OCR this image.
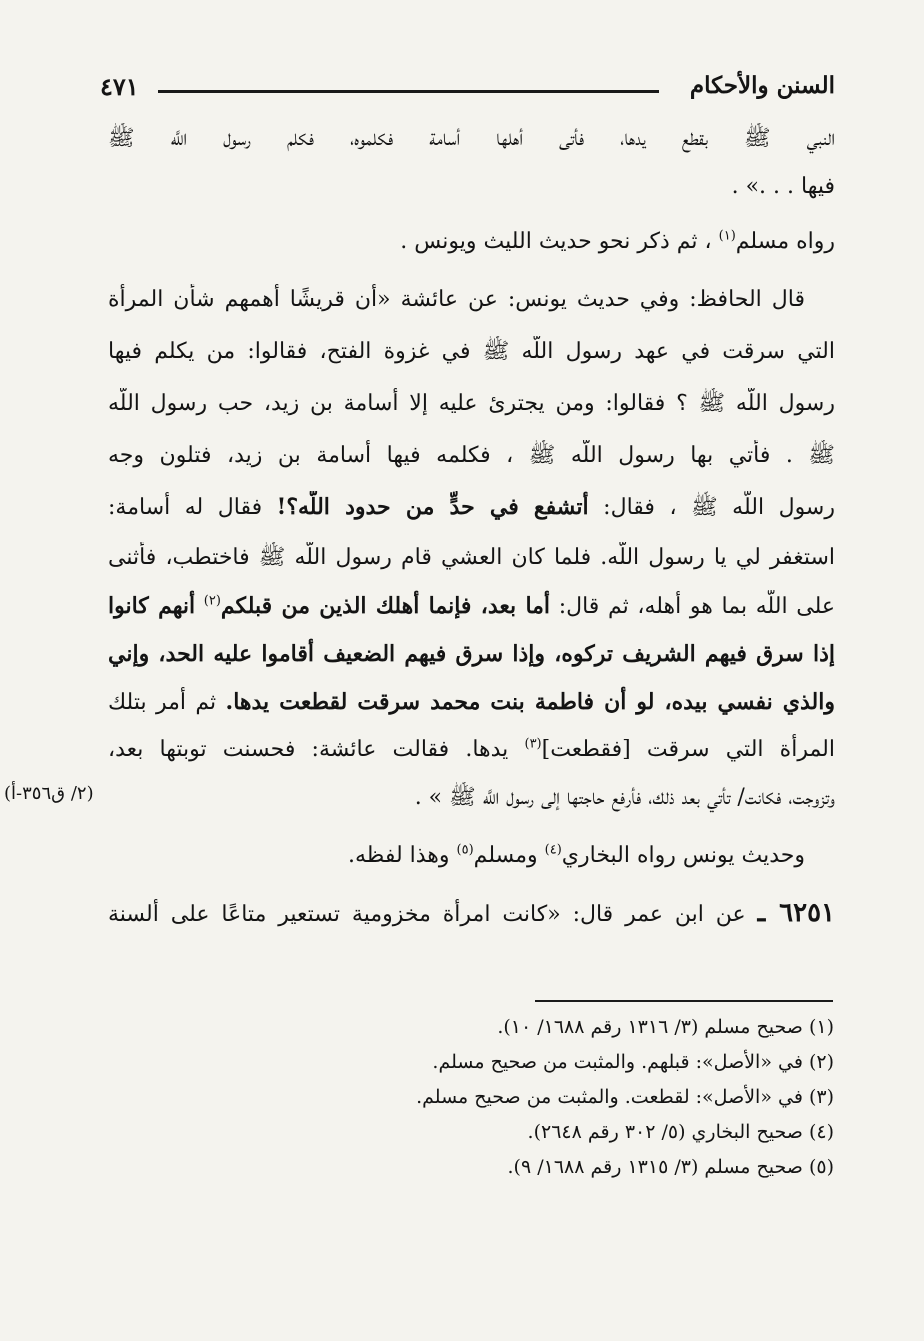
السنن والأحكام
٤٧١
النبي ﷺ بقطع يدها، فأتى أهلها أسامة فكلموه، فكلم رسول اللَّه ﷺ
فيها . . .» .
رواه مسلم$^{(١)}$ ، ثم ذكر نحو حديث الليث ويونس .
قال الحافظ: وفي حديث يونس: عن عائشة «أن قريشًا أهمهم شأن المرأة
التي سرقت في عهد رسول اللَّه ﷺ في غزوة الفتح، فقالوا: من يكلم فيها
رسول اللَّه ﷺ ؟ فقالوا: ومن يجترئ عليه إلا أسامة بن زيد، حب رسول اللَّه
ﷺ . فأُتي بها رسول اللَّه ﷺ ، فكلمه فيها أسامة بن زيد، فتلون وجه
رسول اللَّه ﷺ ، فقال: أتشفع في حدٍّ من حدود اللَّه؟! فقال له أسامة:
استغفر لي يا رسول اللَّه. فلما كان العشي قام رسول اللَّه ﷺ فاختطب، فأثنى
على اللَّه بما هو أهله، ثم قال: أما بعد، فإنما أهلك الذين من قبلكم$^{(٢)}$ أنهم كانوا
إذا سرق فيهم الشريف تركوه، وإذا سرق فيهم الضعيف أقاموا عليه الحد، وإني
والذي نفسي بيده، لو أن فاطمة بنت محمد سرقت لقطعت يدها. ثم أمر بتلك
المرأة التي سرقت [فقطعت]$^{(٣)}$ يدها. فقالت عائشة: فحسنت توبتها بعد،
وتزوجت، فكانت/ تأتي بعد ذلك، فأرفع حاجتها إلى رسول اللَّه ﷺ » .
(٢/ ق٣٥٦-أ)
وحديث يونس رواه البخاري$^{(٤)}$ ومسلم$^{(٥)}$ وهذا لفظه.
٦٢٥١ ـ عن ابن عمر قال: «كانت امرأة مخزومية تستعير متاعًا على ألسنة
(١) صحيح مسلم (٣/ ١٣١٦ رقم ١٦٨٨/ ١٠).
(٢) في «الأصل»: قبلهم. والمثبت من صحيح مسلم.
(٣) في «الأصل»: لقطعت. والمثبت من صحيح مسلم.
(٤) صحيح البخاري (٥/ ٣٠٢ رقم ٢٦٤٨).
(٥) صحيح مسلم (٣/ ١٣١٥ رقم ١٦٨٨/ ٩).
